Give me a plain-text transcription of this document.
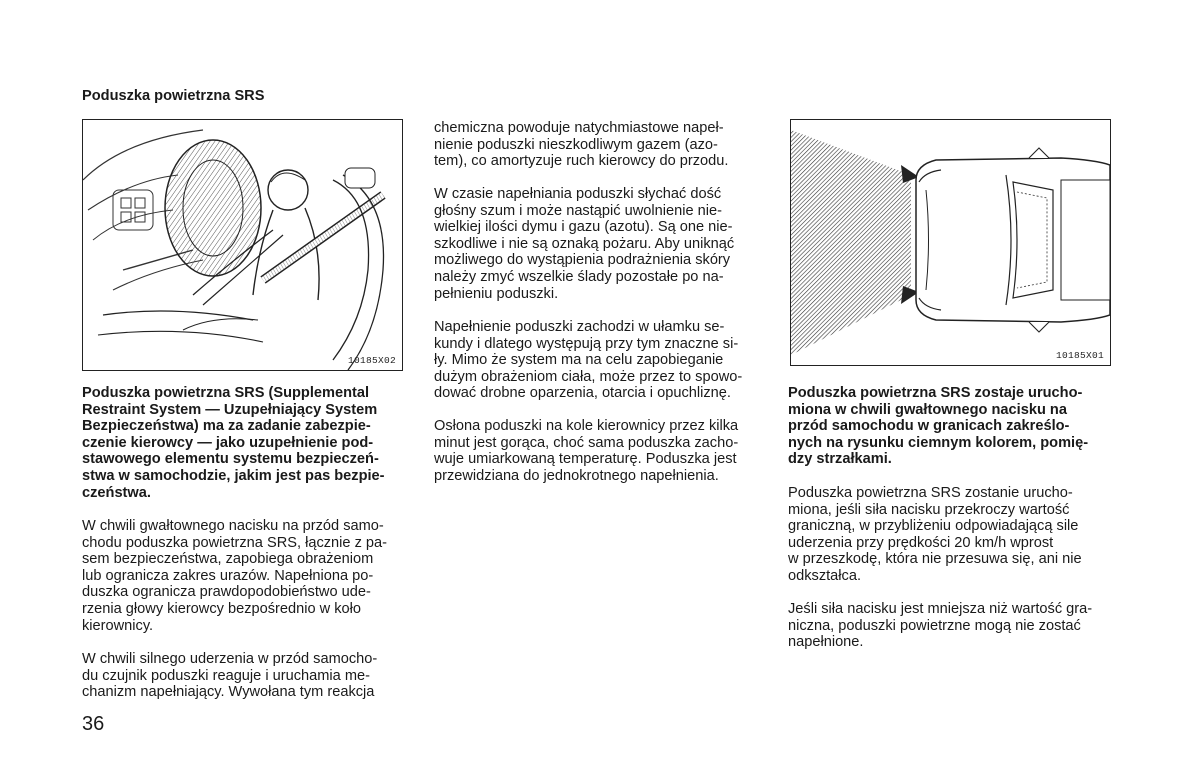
Poduszka powietrzna SRS
10185X02	10185X01
Poduszka powietrzna SRS (Supplemental
Restraint System — Uzupełniający System
Bezpieczeństwa) ma za zadanie zabezpie-
czenie kierowcy — jako uzupełnienie pod-
stawowego elementu systemu bezpieczeń-
stwa w samochodzie, jakim jest pas bezpie-
czeństwa.
W chwili gwałtownego nacisku na przód samo-
chodu poduszka powietrzna SRS, łącznie z pa-
sem bezpieczeństwa, zapobiega obrażeniom
lub ogranicza zakres urazów. Napełniona po-
duszka ogranicza prawdopodobieństwo ude-
rzenia głowy kierowcy bezpośrednio w koło
kierownicy.
W chwili silnego uderzenia w przód samocho-
du czujnik poduszki reaguje i uruchamia me-
chanizm napełniający. Wywołana tym reakcja
chemiczna powoduje natychmiastowe napeł-
nienie poduszki nieszkodliwym gazem (azo-
tem), co amortyzuje ruch kierowcy do przodu.
W czasie napełniania poduszki słychać dość
głośny szum i może nastąpić uwolnienie nie-
wielkiej ilości dymu i gazu (azotu). Są one nie-
szkodliwe i nie są oznaką pożaru. Aby uniknąć
możliwego do wystąpienia podrażnienia skóry
należy zmyć wszelkie ślady pozostałe po na-
pełnieniu poduszki.
Napełnienie poduszki zachodzi w ułamku se-
kundy i dlatego występują przy tym znaczne si-
ły. Mimo że system ma na celu zapobieganie
dużym obrażeniom ciała, może przez to spowo-
dować drobne oparzenia, otarcia i opuchliznę.
Osłona poduszki na kole kierownicy przez kilka
minut jest gorąca, choć sama poduszka zacho-
wuje umiarkowaną temperaturę. Poduszka jest
przewidziana do jednokrotnego napełnienia.
Poduszka powietrzna SRS zostaje urucho-
miona w chwili gwałtownego nacisku na
przód samochodu w granicach zakreślo-
nych na rysunku ciemnym kolorem, pomię-
dzy strzałkami.
Poduszka powietrzna SRS zostanie urucho-
miona, jeśli siła nacisku przekroczy wartość
graniczną, w przybliżeniu odpowiadającą sile
uderzenia przy prędkości 20 km/h wprost
w przeszkodę, która nie przesuwa się, ani nie
odkształca.
Jeśli siła nacisku jest mniejsza niż wartość gra-
niczna, poduszki powietrzne mogą nie zostać
napełnione.
36
